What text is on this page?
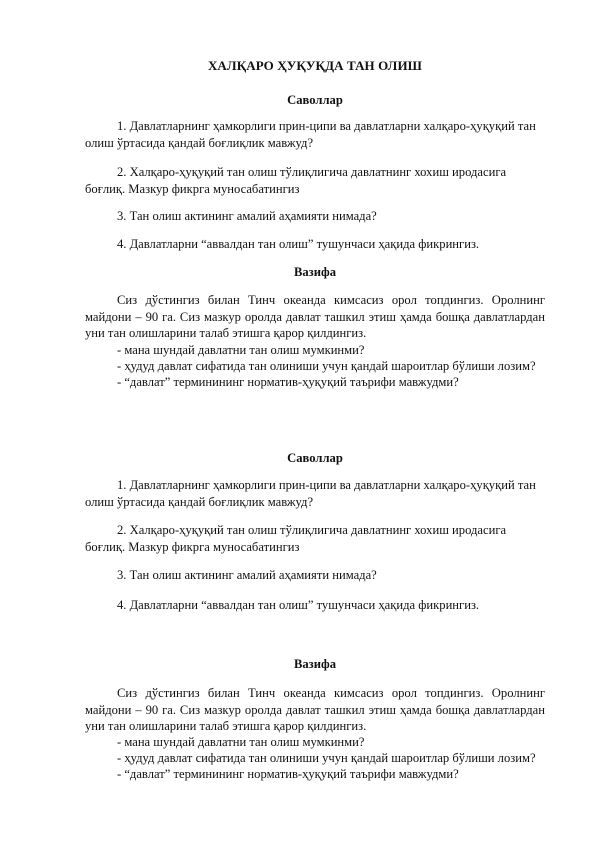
ХАЛҚАРО ҲУҚУҚДА ТАН ОЛИШ

Саволлар

1. Давлатларнинг ҳамкорлиги прин-ципи ва давлатларни халқаро-ҳуқуқий тан олиш ўртасида қандай боғлиқлик мавжуд?

2. Халқаро-ҳуқуқий тан олиш тўлиқлигича давлатнинг хохиш иродасига боғлиқ. Мазкур фикрга муносабатингиз

3. Тан олиш актининг амалий аҳамияти нимада?

4. Давлатларни “аввалдан тан олиш” тушунчаси ҳақида фикрингиз.

Вазифа

Сиз дўстингиз билан Тинч океанда кимсасиз орол топдингиз. Оролнинг майдони – 90 га. Сиз мазкур оролда давлат ташкил этиш ҳамда бошқа давлатлардан уни тан олишларини талаб этишга қарор қилдингиз.

- мана шундай давлатни тан олиш мумкинми?

- ҳудуд давлат сифатида тан олиниши учун қандай шароитлар бўлиши лозим?

- “давлат” терминининг норматив-ҳуқуқий таърифи мавжудми?

Саволлар

1. Давлатларнинг ҳамкорлиги прин-ципи ва давлатларни халқаро-ҳуқуқий тан олиш ўртасида қандай боғлиқлик мавжуд?

2. Халқаро-ҳуқуқий тан олиш тўлиқлигича давлатнинг хохиш иродасига боғлиқ. Мазкур фикрга муносабатингиз

3. Тан олиш актининг амалий аҳамияти нимада?

4. Давлатларни “аввалдан тан олиш” тушунчаси ҳақида фикрингиз.

Вазифа

Сиз дўстингиз билан Тинч океанда кимсасиз орол топдингиз. Оролнинг майдони – 90 га. Сиз мазкур оролда давлат ташкил этиш ҳамда бошқа давлатлардан уни тан олишларини талаб этишга қарор қилдингиз.

- мана шундай давлатни тан олиш мумкинми?

- ҳудуд давлат сифатида тан олиниши учун қандай шароитлар бўлиши лозим?

- “давлат” терминининг норматив-ҳуқуқий таърифи мавжудми?
